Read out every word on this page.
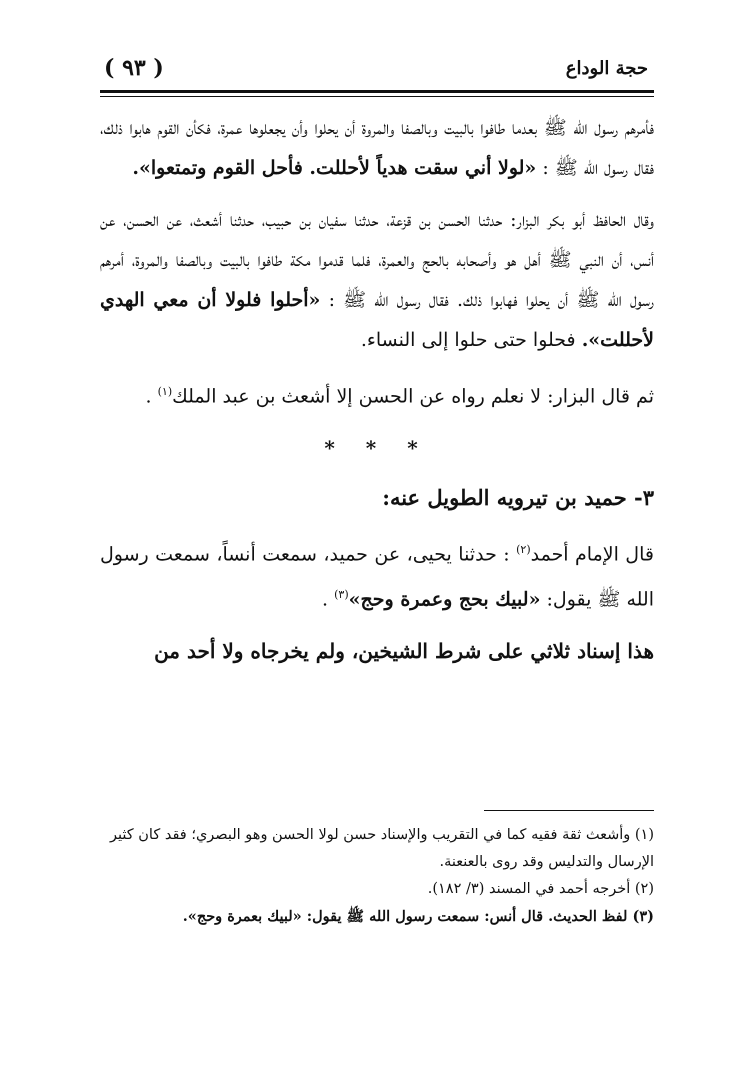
( ٩٣ )	حجة الوداع

فأمرهم رسول الله ﷺ بعدما طافوا بالبيت وبالصفا والمروة أن يحلوا وأن يجعلوها عمرة، فكأن القوم هابوا ذلك، فقال رسول الله ﷺ : «لولا أني سقت هدياً لأحللت. فأحل القوم وتمتعوا».

وقال الحافظ أبو بكر البزار: حدثنا الحسن بن قزعة، حدثنا سفيان بن حبيب، حدثنا أشعث، عن الحسن، عن أنس، أن النبي ﷺ أهل هو وأصحابه بالحج والعمرة، فلما قدموا مكة طافوا بالبيت وبالصفا والمروة، أمرهم رسول الله ﷺ أن يحلوا فهابوا ذلك. فقال رسول الله ﷺ : «أحلوا فلولا أن معي الهدي لأحللت». فحلوا حتى حلوا إلى النساء.

ثم قال البزار: لا نعلم رواه عن الحسن إلا أشعث بن عبد الملك$^{(١)}$ .

* * *

٣- حميد بن تيرويه الطويل عنه:

قال الإمام أحمد$^{(٢)}$ : حدثنا يحيى، عن حميد، سمعت أنساً، سمعت رسول الله ﷺ يقول: «لبيك بحج وعمرة وحج»$^{(٣)}$ .

هذا إسناد ثلاثي على شرط الشيخين، ولم يخرجاه ولا أحد من

(١) وأشعث ثقة فقيه كما في التقريب والإسناد حسن لولا الحسن وهو البصري؛ فقد كان كثير الإرسال والتدليس وقد روى بالعنعنة.

(٢) أخرجه أحمد في المسند (٣/ ١٨٢).

(٣) لفظ الحديث. قال أنس: سمعت رسول الله ﷺ يقول: «لبيك بعمرة وحج».
